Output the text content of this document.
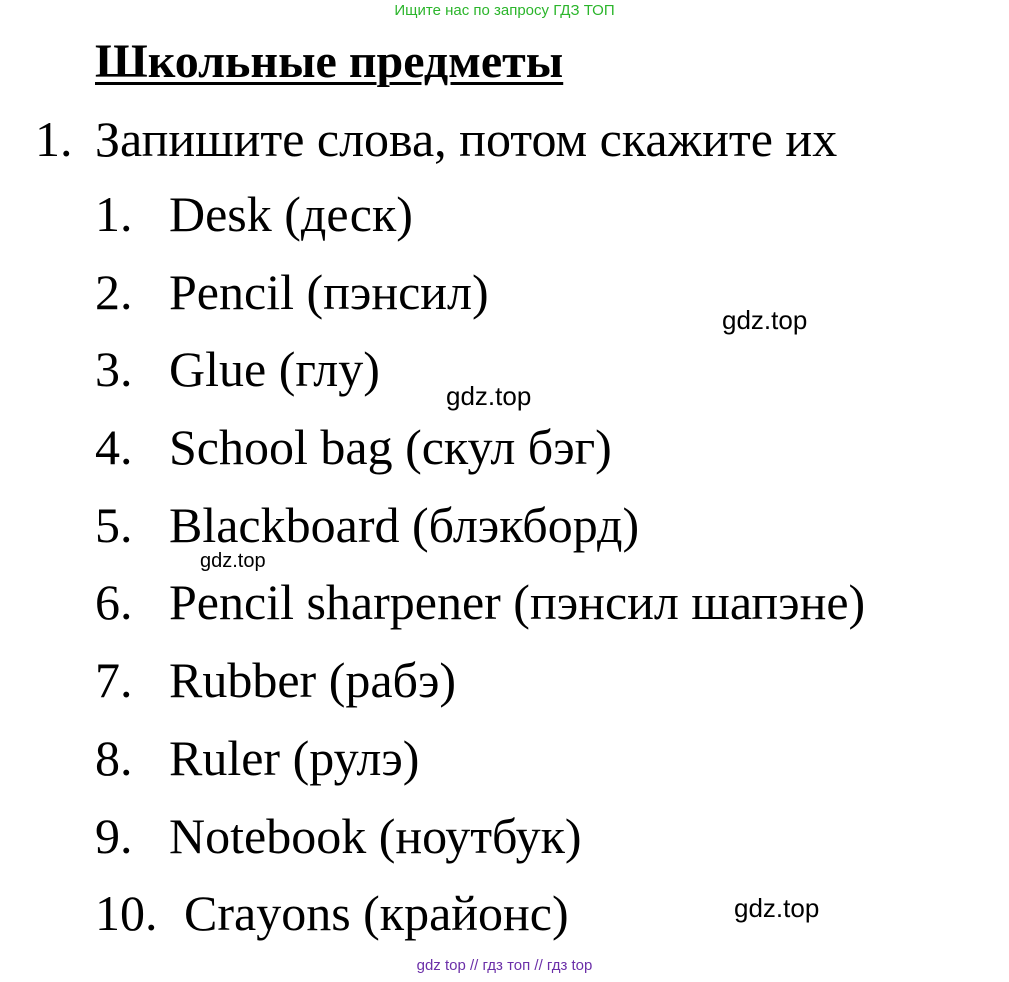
Ищите нас по запросу ГДЗ ТОП
Школьные предметы
1. Запишите слова, потом скажите их
1. Desk (деск)
2. Pencil (пэнсил)
3. Glue (глу)
4. School bag (скул бэг)
5. Blackboard (блэкборд)
6. Pencil sharpener (пэнсил шапэне)
7. Rubber (рабэ)
8. Ruler (рулэ)
9. Notebook (ноутбук)
10. Crayons (крайонс)
gdz.top
gdz.top
gdz.top
gdz.top
gdz top // гдз топ // гдз top
